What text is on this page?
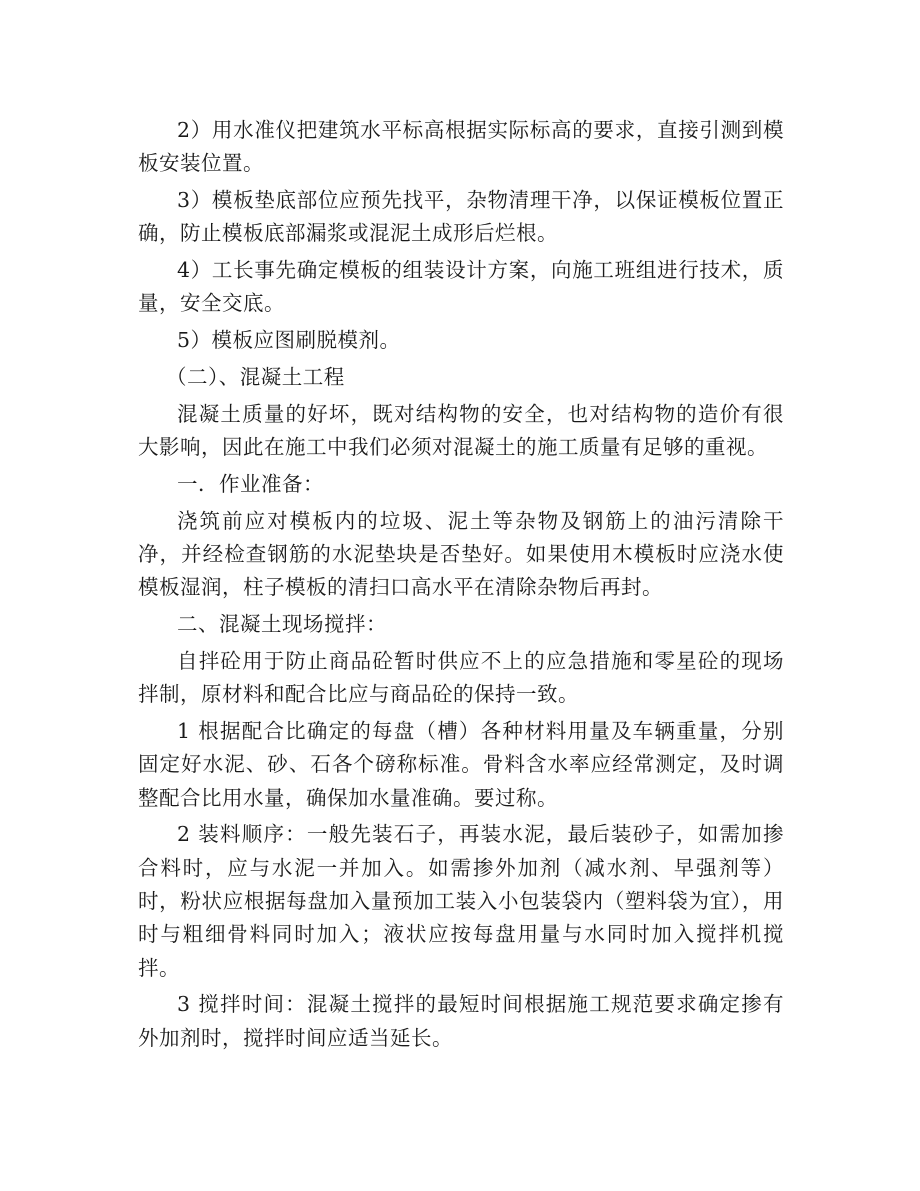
2）用水准仪把建筑水平标高根据实际标高的要求，直接引测到模板安装位置。

3）模板垫底部位应预先找平，杂物清理干净，以保证模板位置正确，防止模板底部漏浆或混泥土成形后烂根。

4）工长事先确定模板的组装设计方案，向施工班组进行技术，质量，安全交底。

5）模板应图刷脱模剂。

（二）、混凝土工程

混凝土质量的好坏，既对结构物的安全，也对结构物的造价有很大影响，因此在施工中我们必须对混凝土的施工质量有足够的重视。

一．作业准备：

浇筑前应对模板内的垃圾、泥土等杂物及钢筋上的油污清除干净，并经检查钢筋的水泥垫块是否垫好。如果使用木模板时应浇水使模板湿润，柱子模板的清扫口高水平在清除杂物后再封。

二、混凝土现场搅拌：

自拌砼用于防止商品砼暂时供应不上的应急措施和零星砼的现场拌制，原材料和配合比应与商品砼的保持一致。

1 根据配合比确定的每盘（槽）各种材料用量及车辆重量，分别固定好水泥、砂、石各个磅称标准。骨料含水率应经常测定，及时调整配合比用水量，确保加水量准确。要过称。

2 装料顺序：一般先装石子，再装水泥，最后装砂子，如需加掺合料时，应与水泥一并加入。如需掺外加剂（减水剂、早强剂等）时，粉状应根据每盘加入量预加工装入小包装袋内（塑料袋为宜），用时与粗细骨料同时加入；液状应按每盘用量与水同时加入搅拌机搅拌。

3 搅拌时间：混凝土搅拌的最短时间根据施工规范要求确定掺有外加剂时，搅拌时间应适当延长。
